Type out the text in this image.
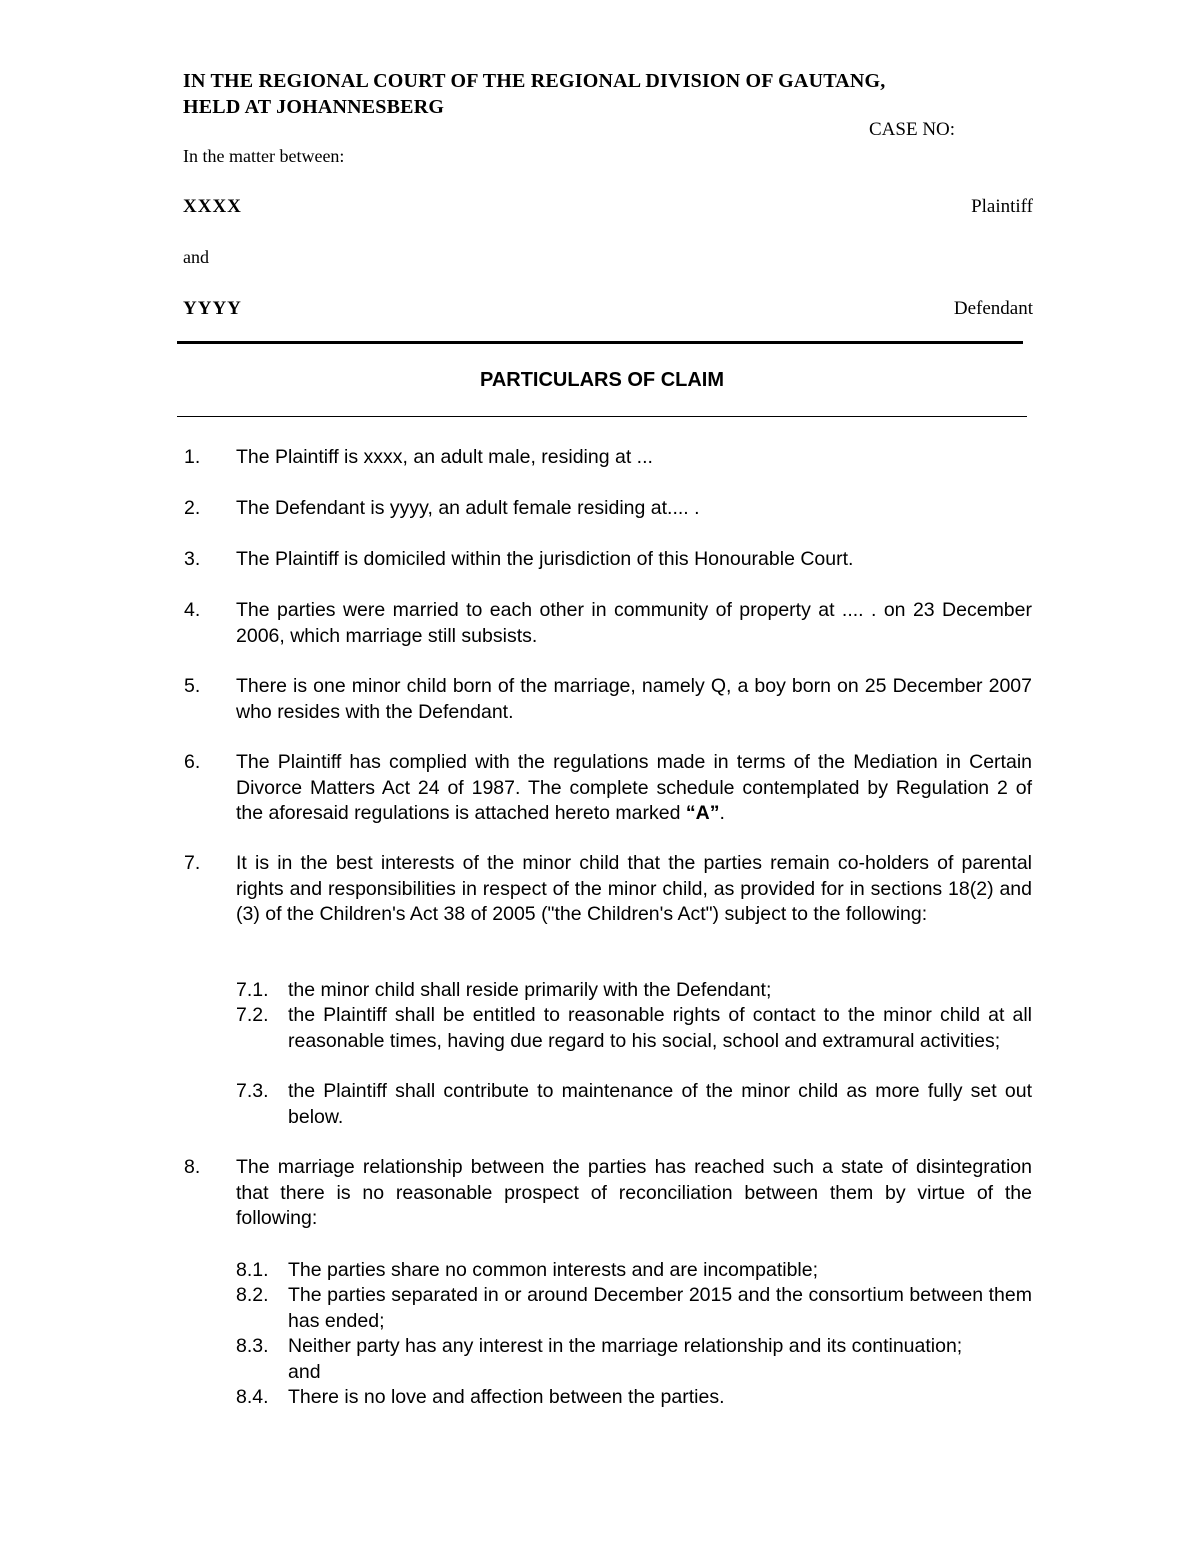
IN THE REGIONAL COURT OF THE REGIONAL DIVISION OF GAUTANG,
HELD AT JOHANNESBERG
CASE NO:
In the matter between:
XXXX	Plaintiff
and
YYYY	Defendant
PARTICULARS OF CLAIM
1.	The Plaintiff is xxxx, an adult male, residing at ...
2.	The Defendant is yyyy, an adult female residing at.... .
3.	The Plaintiff is domiciled within the jurisdiction of this Honourable Court.
4.	The parties were married to each other in community of property at .... . on 23 December 2006, which marriage still subsists.
5.	There is one minor child born of the marriage, namely Q, a boy born on 25 December 2007 who resides with the Defendant.
6.	The Plaintiff has complied with the regulations made in terms of the Mediation in Certain Divorce Matters Act 24 of 1987. The complete schedule contemplated by Regulation 2 of the aforesaid regulations is attached hereto marked “A”.
7.	It is in the best interests of the minor child that the parties remain co-holders of parental rights and responsibilities in respect of the minor child, as provided for in sections 18(2) and (3) of the Children's Act 38 of 2005 ("the Children's Act") subject to the following:
7.1. the minor child shall reside primarily with the Defendant;
7.2. the Plaintiff shall be entitled to reasonable rights of contact to the minor child at all reasonable times, having due regard to his social, school and extramural activities;
7.3. the Plaintiff shall contribute to maintenance of the minor child as more fully set out below.
8.	The marriage relationship between the parties has reached such a state of disintegration that there is no reasonable prospect of reconciliation between them by virtue of the following:
8.1. The parties share no common interests and are incompatible;
8.2. The parties separated in or around December 2015 and the consortium between them has ended;
8.3. Neither party has any interest in the marriage relationship and its continuation; and
8.4. There is no love and affection between the parties.
